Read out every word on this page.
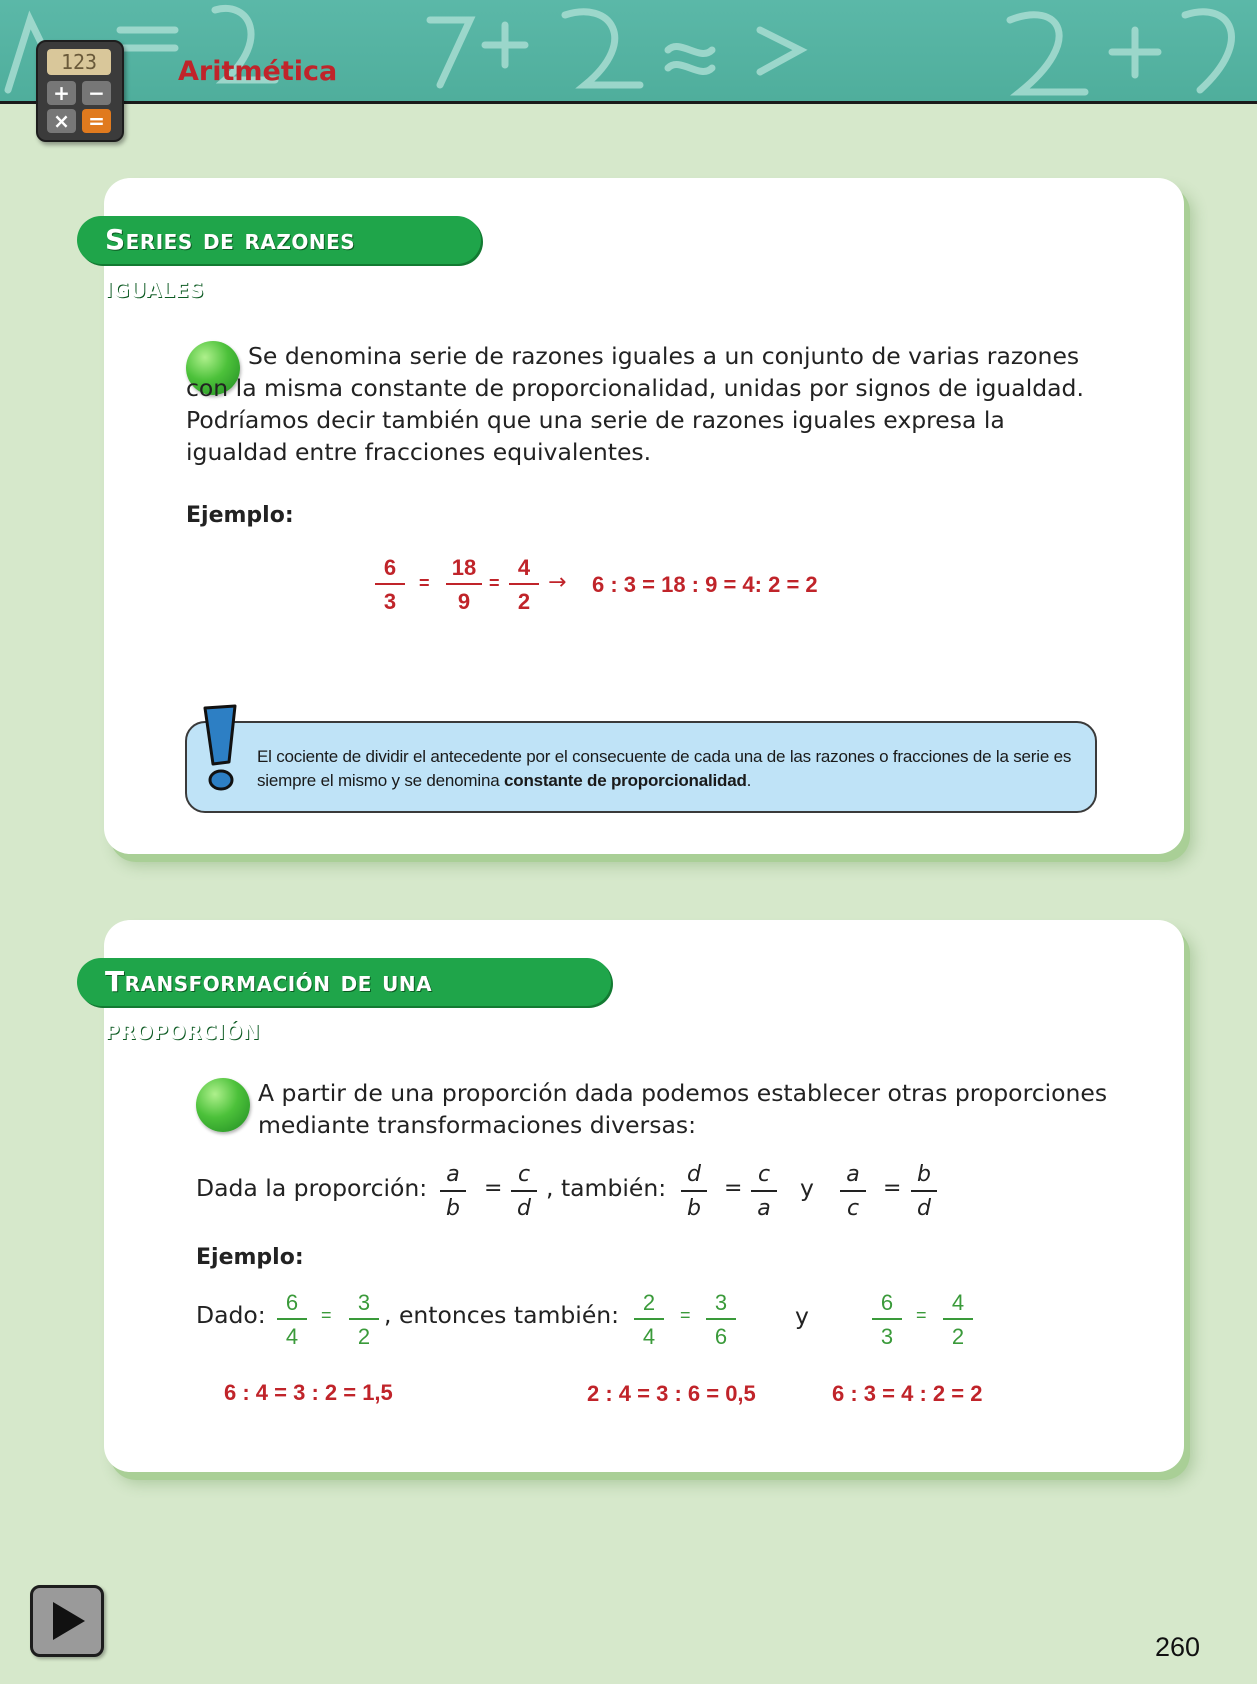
Aritmética
123
+ −
× =
Series de razones iguales
Se denomina serie de razones iguales a un conjunto de varias razones con la misma constante de proporcionalidad, unidas por signos de igualdad. Podríamos decir también que una serie de razones iguales expresa la igualdad entre fracciones equivalentes.
Ejemplo:
$\frac{6}{3} = \frac{18}{9} = \frac{4}{2} \to 6$ : 3 = 18 : 9 = 4: 2 = 2
El cociente de dividir el antecedente por el consecuente de cada una de las razones o fracciones de la serie es siempre el mismo y se denomina constante de proporcionalidad.
Transformación de una proporción
A partir de una proporción dada podemos establecer otras proporciones mediante transformaciones diversas:
Dada la proporción: $\frac{a}{b} = \frac{c}{d}$ , también: $\frac{d}{b} = \frac{c}{a}$ y $\frac{a}{c} = \frac{b}{d}$
Ejemplo:
Dado: $\frac{6}{4} = \frac{3}{2}$ , entonces también: $\frac{2}{4} = \frac{3}{6}$	y	$\frac{6}{3} = \frac{4}{2}$
6 : 4 = 3 : 2 = 1,5	2 : 4 = 3 : 6 = 0,5	6 : 3 = 4 : 2 = 2
260
